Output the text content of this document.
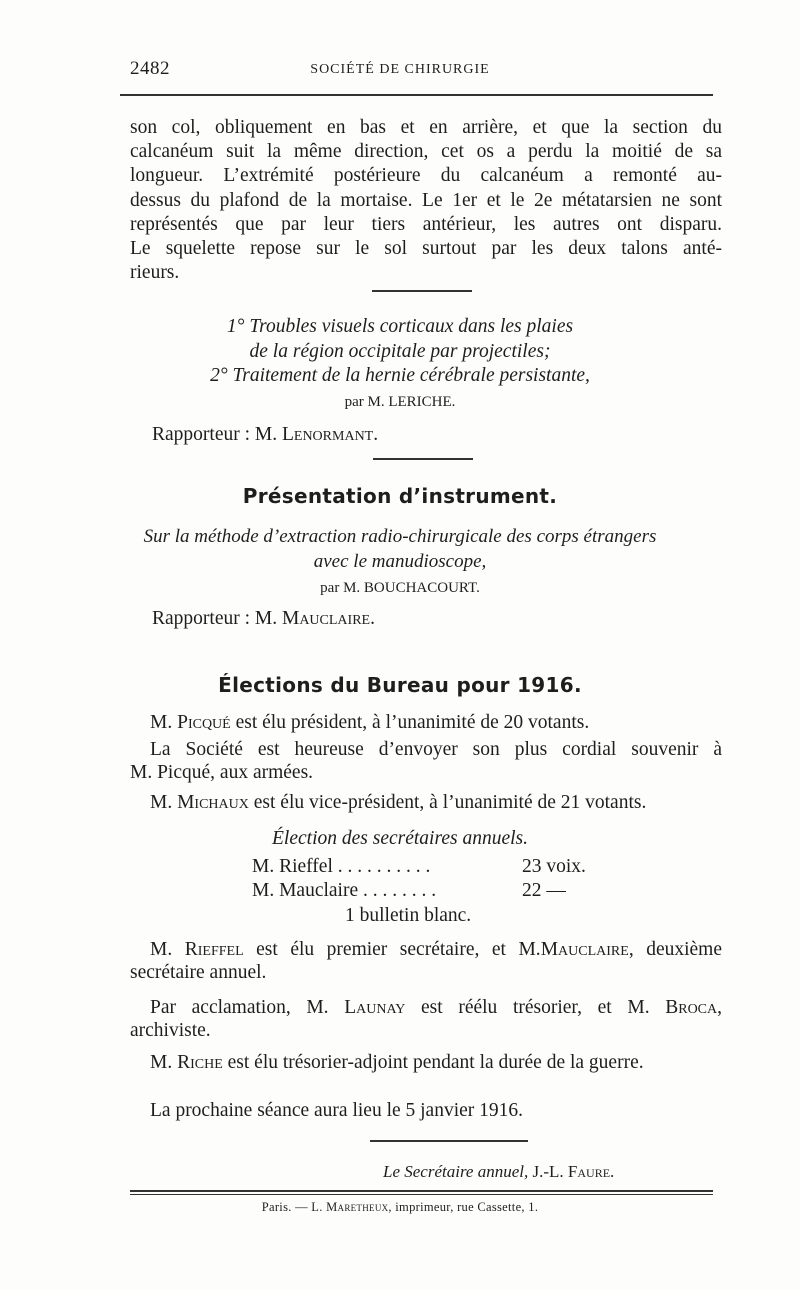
2482	SOCIÉTÉ DE CHIRURGIE
son col, obliquement en bas et en arrière, et que la section du
calcanéum suit la même direction, cet os a perdu la moitié de sa
longueur. L’extrémité postérieure du calcanéum a remonté au-
dessus du plafond de la mortaise. Le 1er et le 2e métatarsien ne sont
représentés que par leur tiers antérieur, les autres ont disparu.
Le squelette repose sur le sol surtout par les deux talons anté-
rieurs.
1° Troubles visuels corticaux dans les plaies
de la région occipitale par projectiles;
2° Traitement de la hernie cérébrale persistante,
par M. LERICHE.
Rapporteur : M. Lenormant.
Présentation d’instrument.
Sur la méthode d’extraction radio-chirurgicale des corps étrangers
avec le manudioscope,
par M. BOUCHACOURT.
Rapporteur : M. Mauclaire.
Élections du Bureau pour 1916.
M. Picqué est élu président, à l’unanimité de 20 votants.
La Société est heureuse d’envoyer son plus cordial souvenir à
M. Picqué, aux armées.
M. Michaux est élu vice-président, à l’unanimité de 21 votants.
Élection des secrétaires annuels.
M. Rieffel . . . . . . . . . .	23 voix.
M. Mauclaire . . . . . . . .	22 —
1 bulletin blanc.
M. Rieffel est élu premier secrétaire, et M.Mauclaire, deuxième
secrétaire annuel.
Par acclamation, M. Launay est réélu trésorier, et M. Broca,
archiviste.
M. Riche est élu trésorier-adjoint pendant la durée de la guerre.
La prochaine séance aura lieu le 5 janvier 1916.
Le Secrétaire annuel, J.-L. Faure.
Paris. — L. Maretheux, imprimeur, rue Cassette, 1.
